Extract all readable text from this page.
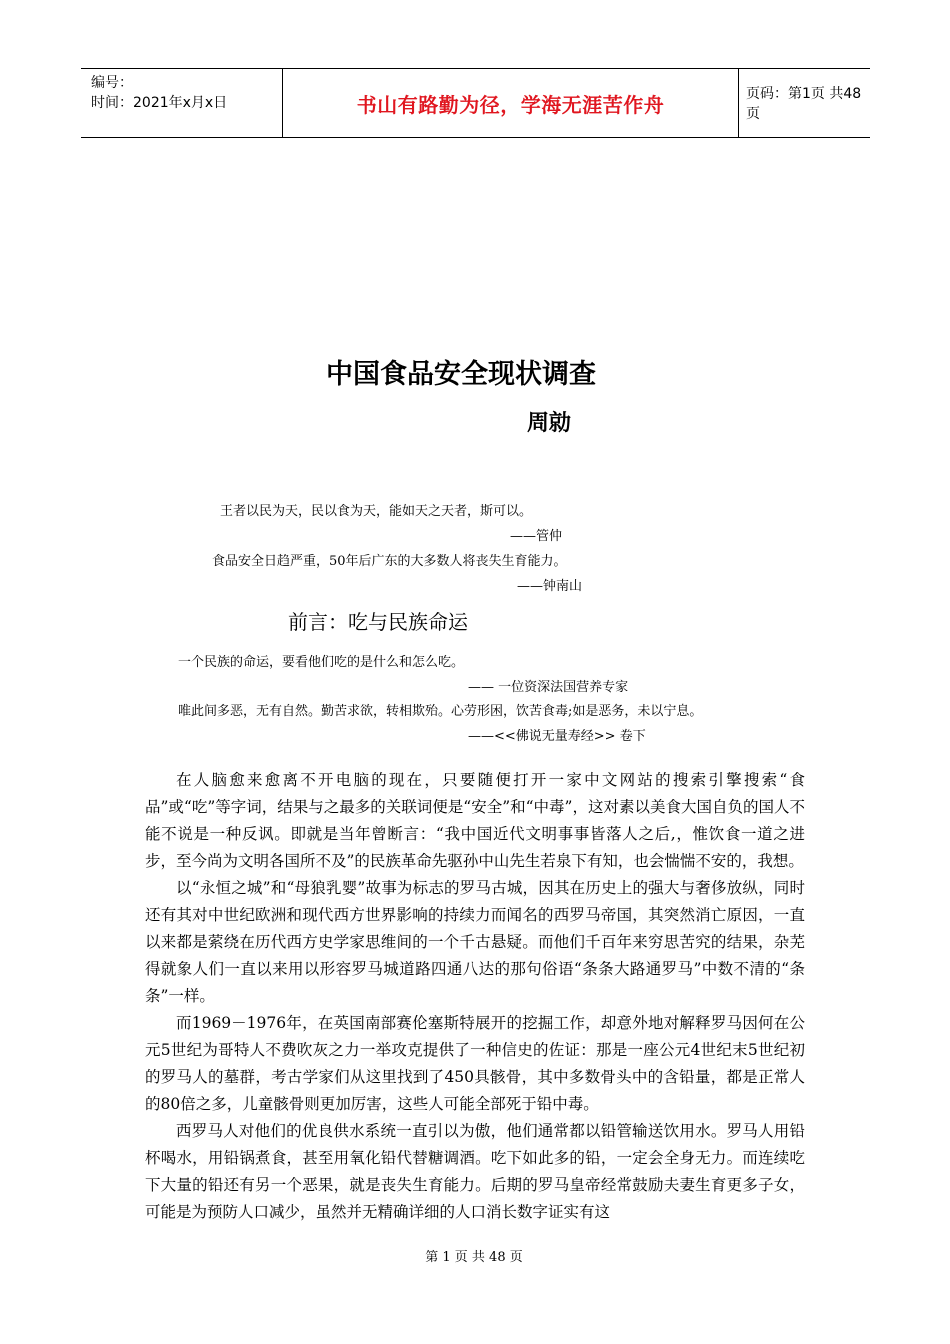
编号：
时间：2021年x月x日	书山有路勤为径，学海无涯苦作舟	页码：第1页 共48页
中国食品安全现状调查
周勍
王者以民为天，民以食为天，能如天之天者，斯可以。
——管仲
食品安全日趋严重，50年后广东的大多数人将丧失生育能力。
——钟南山
前言：吃与民族命运
一个民族的命运，要看他们吃的是什么和怎么吃。
—— 一位资深法国营养专家
唯此间多恶，无有自然。勤苦求欲，转相欺殆。心劳形困，饮苦食毒;如是恶务，未以宁息。
——<<佛说无量寿经>> 卷下

在人脑愈来愈离不开电脑的现在，只要随便打开一家中文网站的搜索引擎搜索“食品”或“吃”等字词，结果与之最多的关联词便是“安全”和“中毒”，这对素以美食大国自负的国人不能不说是一种反讽。即就是当年曾断言：“我中国近代文明事事皆落人之后,，惟饮食一道之进步，至今尚为文明各国所不及”的民族革命先驱孙中山先生若泉下有知，也会惴惴不安的，我想。

以“永恒之城”和“母狼乳婴”故事为标志的罗马古城，因其在历史上的强大与奢侈放纵，同时还有其对中世纪欧洲和现代西方世界影响的持续力而闻名的西罗马帝国，其突然消亡原因，一直以来都是萦绕在历代西方史学家思维间的一个千古悬疑。而他们千百年来穷思苦究的结果，杂芜得就象人们一直以来用以形容罗马城道路四通八达的那句俗语“条条大路通罗马”中数不清的“条条”一样。

而1969－1976年，在英国南部赛伦塞斯特展开的挖掘工作，却意外地对解释罗马因何在公元5世纪为哥特人不费吹灰之力一举攻克提供了一种信史的佐证：那是一座公元4世纪末5世纪初的罗马人的墓群，考古学家们从这里找到了450具骸骨，其中多数骨头中的含铅量，都是正常人的80倍之多，儿童骸骨则更加厉害，这些人可能全部死于铅中毒。

西罗马人对他们的优良供水系统一直引以为傲，他们通常都以铅管输送饮用水。罗马人用铅杯喝水，用铅锅煮食，甚至用氧化铅代替糖调酒。吃下如此多的铅，一定会全身无力。而连续吃下大量的铅还有另一个恶果，就是丧失生育能力。后期的罗马皇帝经常鼓励夫妻生育更多子女，可能是为预防人口减少，虽然并无精确详细的人口消长数字证实有这

第 1 页 共 48 页
